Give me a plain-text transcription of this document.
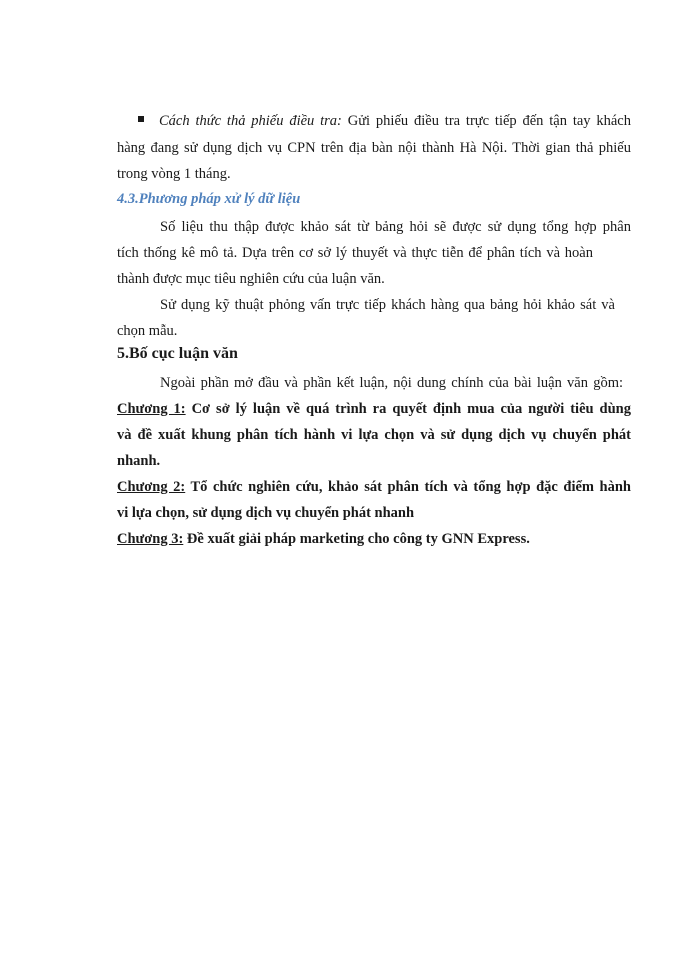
Cách thức thả phiếu điều tra: Gửi phiếu điều tra trực tiếp đến tận tay khách
hàng đang sử dụng dịch vụ CPN trên địa bàn nội thành Hà Nội. Thời gian thả phiếu
trong vòng 1 tháng.
4.3.Phương pháp xử lý dữ liệu
Số liệu thu thập được khảo sát từ bảng hỏi sẽ được sử dụng tổng hợp phân
tích thống kê mô tả. Dựa trên cơ sở lý thuyết và thực tiễn để phân tích và hoàn
thành được mục tiêu nghiên cứu của luận văn.
Sử dụng kỹ thuật phỏng vấn trực tiếp khách hàng qua bảng hỏi khảo sát và
chọn mẫu.
5.Bố cục luận văn
Ngoài phần mở đầu và phần kết luận, nội dung chính của bài luận văn gồm:
Chương 1: Cơ sở lý luận về quá trình ra quyết định mua của người tiêu dùng
và đề xuất khung phân tích hành vi lựa chọn và sử dụng dịch vụ chuyển phát
nhanh.
Chương 2: Tổ chức nghiên cứu, khảo sát phân tích và tổng hợp đặc điểm hành
vi lựa chọn, sử dụng dịch vụ chuyển phát nhanh
Chương 3: Đề xuất giải pháp marketing cho công ty GNN Express.
